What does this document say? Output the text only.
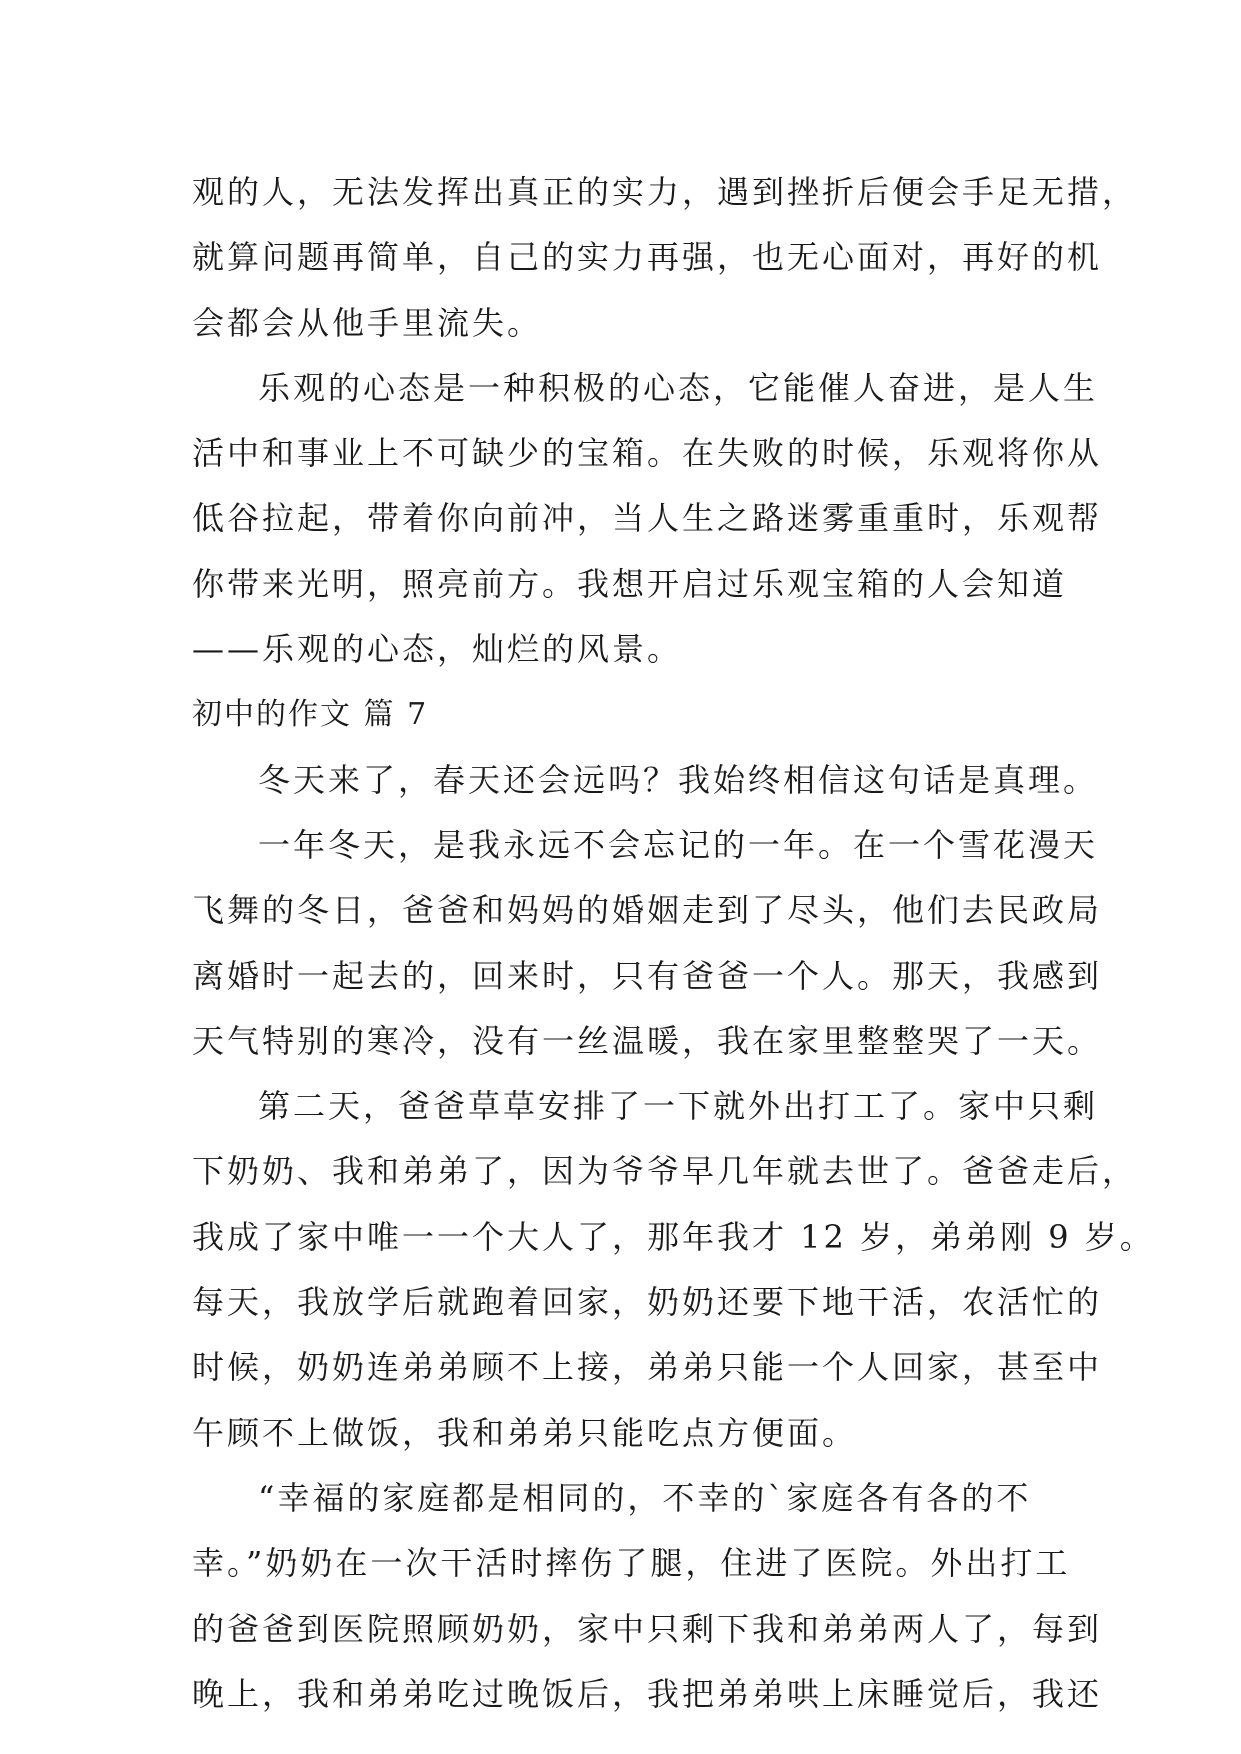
观的人，无法发挥出真正的实力，遇到挫折后便会手足无措，
就算问题再简单，自己的实力再强，也无心面对，再好的机
会都会从他手里流失。
乐观的心态是一种积极的心态，它能催人奋进，是人生
活中和事业上不可缺少的宝箱。在失败的时候，乐观将你从
低谷拉起，带着你向前冲，当人生之路迷雾重重时，乐观帮
你带来光明，照亮前方。我想开启过乐观宝箱的人会知道
——乐观的心态，灿烂的风景。
初中的作文 篇 7
冬天来了，春天还会远吗？我始终相信这句话是真理。
一年冬天，是我永远不会忘记的一年。在一个雪花漫天
飞舞的冬日，爸爸和妈妈的婚姻走到了尽头，他们去民政局
离婚时一起去的，回来时，只有爸爸一个人。那天，我感到
天气特别的寒冷，没有一丝温暖，我在家里整整哭了一天。
第二天，爸爸草草安排了一下就外出打工了。家中只剩
下奶奶、我和弟弟了，因为爷爷早几年就去世了。爸爸走后，
我成了家中唯一一个大人了，那年我才 12 岁，弟弟刚 9 岁。
每天，我放学后就跑着回家，奶奶还要下地干活，农活忙的
时候，奶奶连弟弟顾不上接，弟弟只能一个人回家，甚至中
午顾不上做饭，我和弟弟只能吃点方便面。
“幸福的家庭都是相同的，不幸的`家庭各有各的不
幸。”奶奶在一次干活时摔伤了腿，住进了医院。外出打工
的爸爸到医院照顾奶奶，家中只剩下我和弟弟两人了，每到
晚上，我和弟弟吃过晚饭后，我把弟弟哄上床睡觉后，我还
